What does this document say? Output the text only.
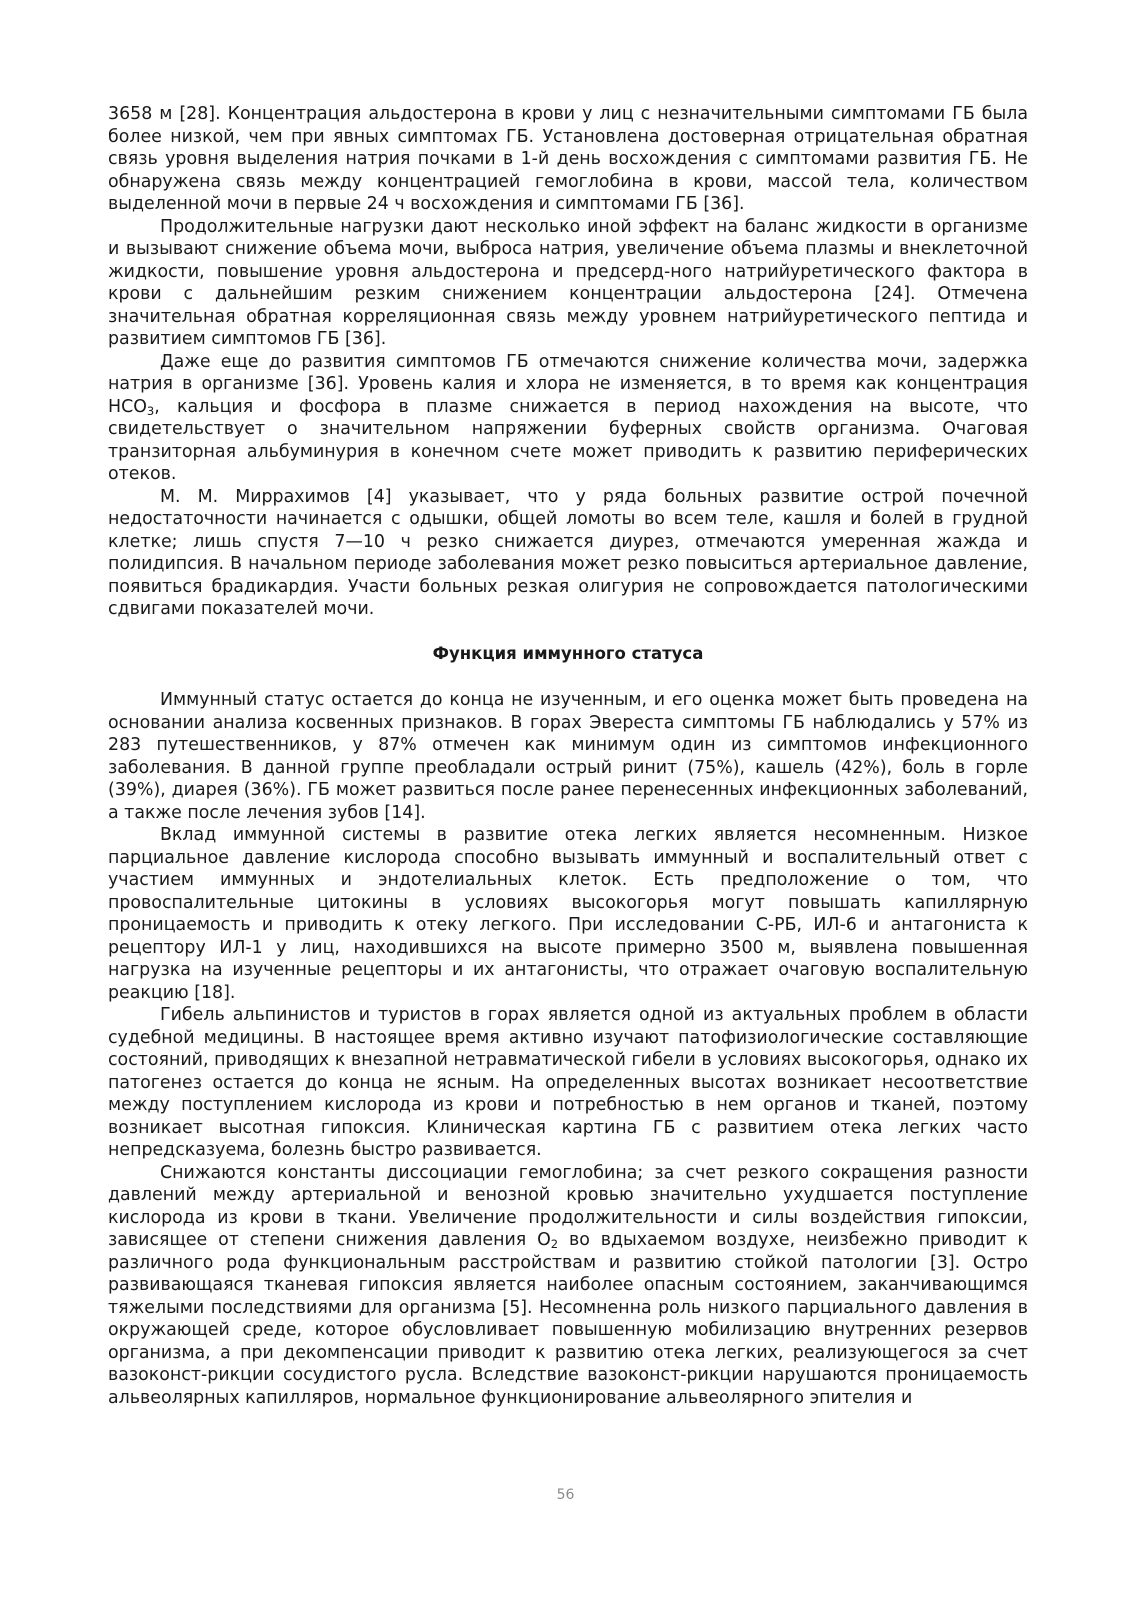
3658 м [28]. Концентрация альдостерона в крови у лиц с незначительными симптомами ГБ была более низкой, чем при явных симптомах ГБ. Установлена достоверная отрицательная обратная связь уровня выделения натрия почками в 1-й день восхождения с симптомами развития ГБ. Не обнаружена связь между концентрацией гемоглобина в крови, массой тела, количеством выделенной мочи в первые 24 ч восхождения и симптомами ГБ [36].

Продолжительные нагрузки дают несколько иной эффект на баланс жидкости в организме и вызывают снижение объема мочи, выброса натрия, увеличение объема плазмы и внеклеточной жидкости, повышение уровня альдостерона и предсерд-ного натрийуретического фактора в крови с дальнейшим резким снижением концентрации альдостерона [24]. Отмечена значительная обратная корреляционная связь между уровнем натрийуретического пептида и развитием симптомов ГБ [36].

Даже еще до развития симптомов ГБ отмечаются снижение количества мочи, задержка натрия в организме [36]. Уровень калия и хлора не изменяется, в то время как концентрация $HCO_3$, кальция и фосфора в плазме снижается в период нахождения на высоте, что свидетельствует о значительном напряжении буферных свойств организма. Очаговая транзиторная альбуминурия в конечном счете может приводить к развитию периферических отеков.

М. М. Миррахимов [4] указывает, что у ряда больных развитие острой почечной недостаточности начинается с одышки, общей ломоты во всем теле, кашля и болей в грудной клетке; лишь спустя 7—10 ч резко снижается диурез, отмечаются умеренная жажда и полидипсия. В начальном периоде заболевания может резко повыситься артериальное давление, появиться брадикардия. Участи больных резкая олигурия не сопровождается патологическими сдвигами показателей мочи.

Функция иммунного статуса

Иммунный статус остается до конца не изученным, и его оценка может быть проведена на основании анализа косвенных признаков. В горах Эвереста симптомы ГБ наблюдались у 57% из 283 путешественников, у 87% отмечен как минимум один из симптомов инфекционного заболевания. В данной группе преобладали острый ринит (75%), кашель (42%), боль в горле (39%), диарея (36%). ГБ может развиться после ранее перенесенных инфекционных заболеваний, а также после лечения зубов [14].

Вклад иммунной системы в развитие отека легких является несомненным. Низкое парциальное давление кислорода способно вызывать иммунный и воспалительный ответ с участием иммунных и эндотелиальных клеток. Есть предположение о том, что провоспалительные цитокины в условиях высокогорья могут повышать капиллярную проницаемость и приводить к отеку легкого. При исследовании С-РБ, ИЛ-6 и антагониста к рецептору ИЛ-1 у лиц, находившихся на высоте примерно 3500 м, выявлена повышенная нагрузка на изученные рецепторы и их антагонисты, что отражает очаговую воспалительную реакцию [18].

Гибель альпинистов и туристов в горах является одной из актуальных проблем в области судебной медицины. В настоящее время активно изучают патофизиологические составляющие состояний, приводящих к внезапной нетравматической гибели в условиях высокогорья, однако их патогенез остается до конца не ясным. На определенных высотах возникает несоответствие между поступлением кислорода из крови и потребностью в нем органов и тканей, поэтому возникает высотная гипоксия. Клиническая картина ГБ с развитием отека легких часто непредсказуема, болезнь быстро развивается.

Снижаются константы диссоциации гемоглобина; за счет резкого сокращения разности давлений между артериальной и венозной кровью значительно ухудшается поступление кислорода из крови в ткани. Увеличение продолжительности и силы воздействия гипоксии, зависящее от степени снижения давления $O_2$ во вдыхаемом воздухе, неизбежно приводит к различного рода функциональным расстройствам и развитию стойкой патологии [3]. Остро развивающаяся тканевая гипоксия является наиболее опасным состоянием, заканчивающимся тяжелыми последствиями для организма [5]. Несомненна роль низкого парциального давления в окружающей среде, которое обусловливает повышенную мобилизацию внутренних резервов организма, а при декомпенсации приводит к развитию отека легких, реализующегося за счет вазоконст-рикции сосудистого русла. Вследствие вазоконст-рикции нарушаются проницаемость альвеолярных капилляров, нормальное функционирование альвеолярного эпителия и

56
